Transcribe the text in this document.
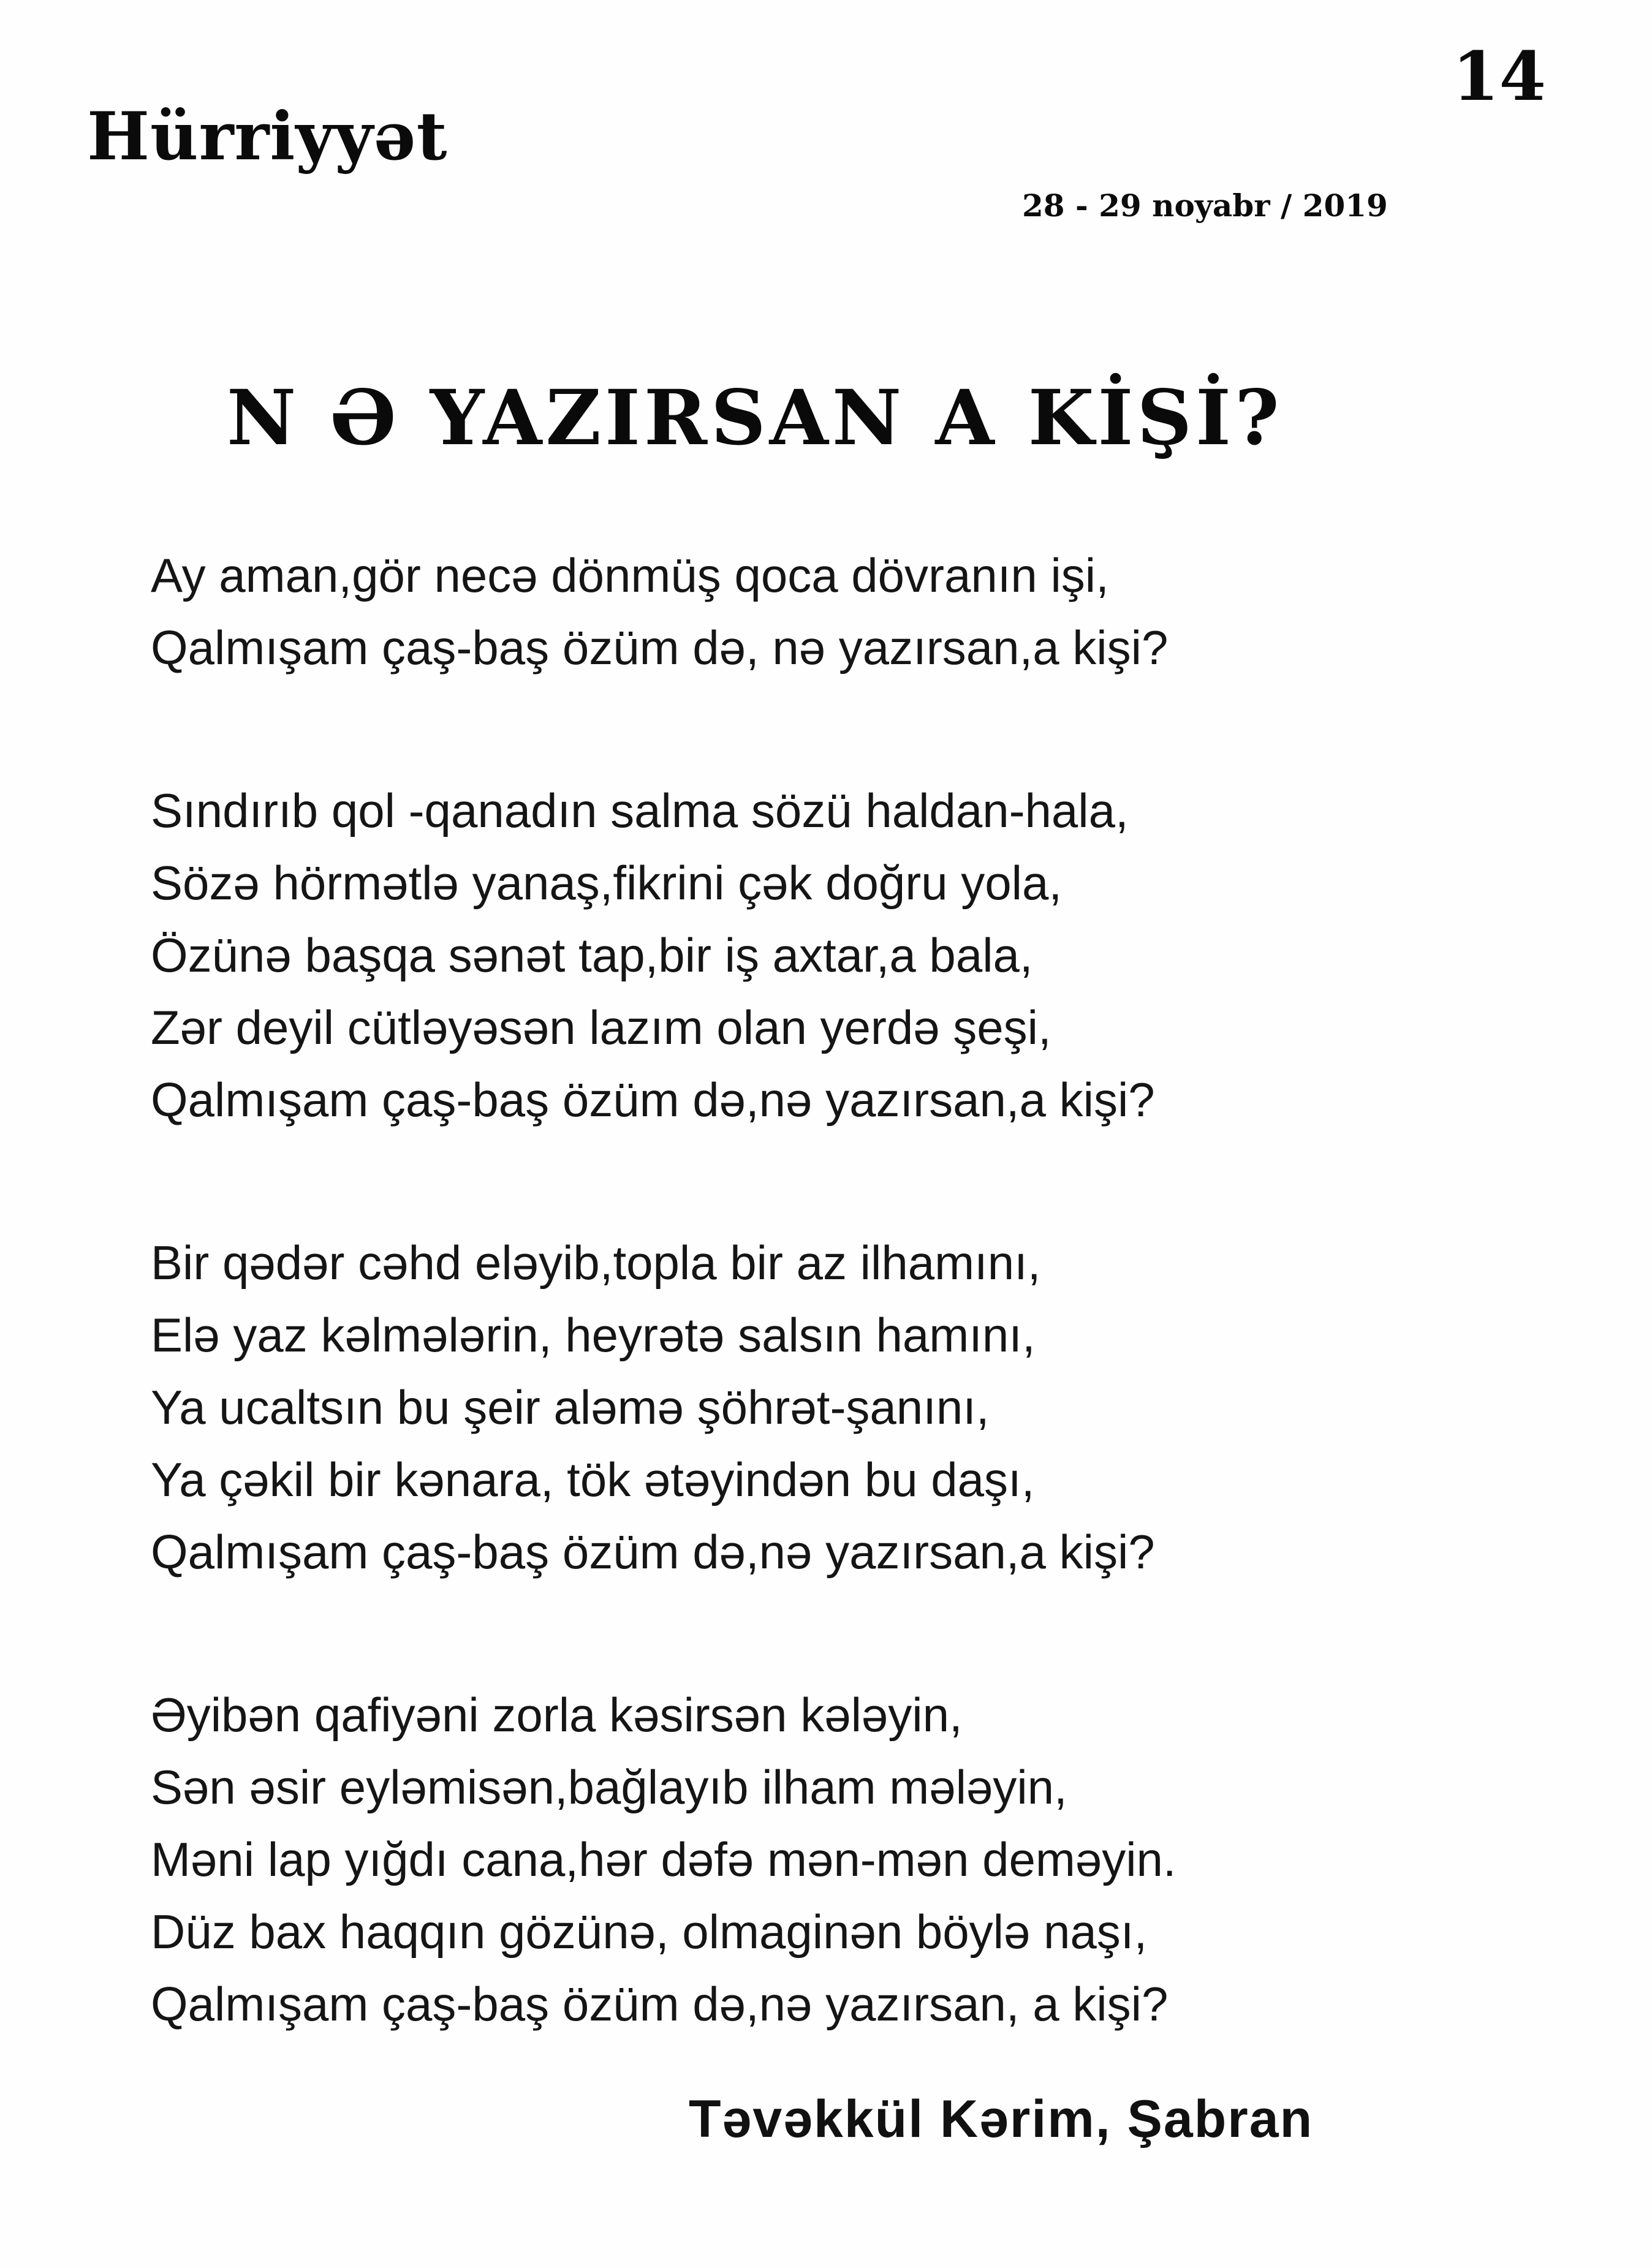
Hürriyyət
14
28 - 29 noyabr / 2019
N Ə YAZIRSAN A KİŞİ?
Ay aman,gör necə dönmüş qoca dövranın işi,
Qalmışam çaş-baş özüm də, nə yazırsan,a kişi?
Sındırıb qol -qanadın salma sözü haldan-hala,
Sözə hörmətlə yanaş,fikrini çək doğru yola,
Özünə başqa sənət tap,bir iş axtar,a bala,
Zər deyil cütləyəsən lazım olan yerdə şeşi,
Qalmışam çaş-baş özüm də,nə yazırsan,a kişi?
Bir qədər cəhd eləyib,topla bir az ilhamını,
Elə yaz kəlmələrin, heyrətə salsın hamını,
Ya ucaltsın bu şeir aləmə şöhrət-şanını,
Ya çəkil bir kənara, tök ətəyindən bu daşı,
Qalmışam çaş-baş özüm də,nə yazırsan,a kişi?
Əyibən qafiyəni zorla kəsirsən kələyin,
Sən əsir eyləmisən,bağlayıb ilham mələyin,
Məni lap yığdı cana,hər dəfə mən-mən deməyin.
Düz bax haqqın gözünə, olmaginən böylə naşı,
Qalmışam çaş-baş özüm də,nə yazırsan, a kişi?
Təvəkkül Kərim, Şabran
